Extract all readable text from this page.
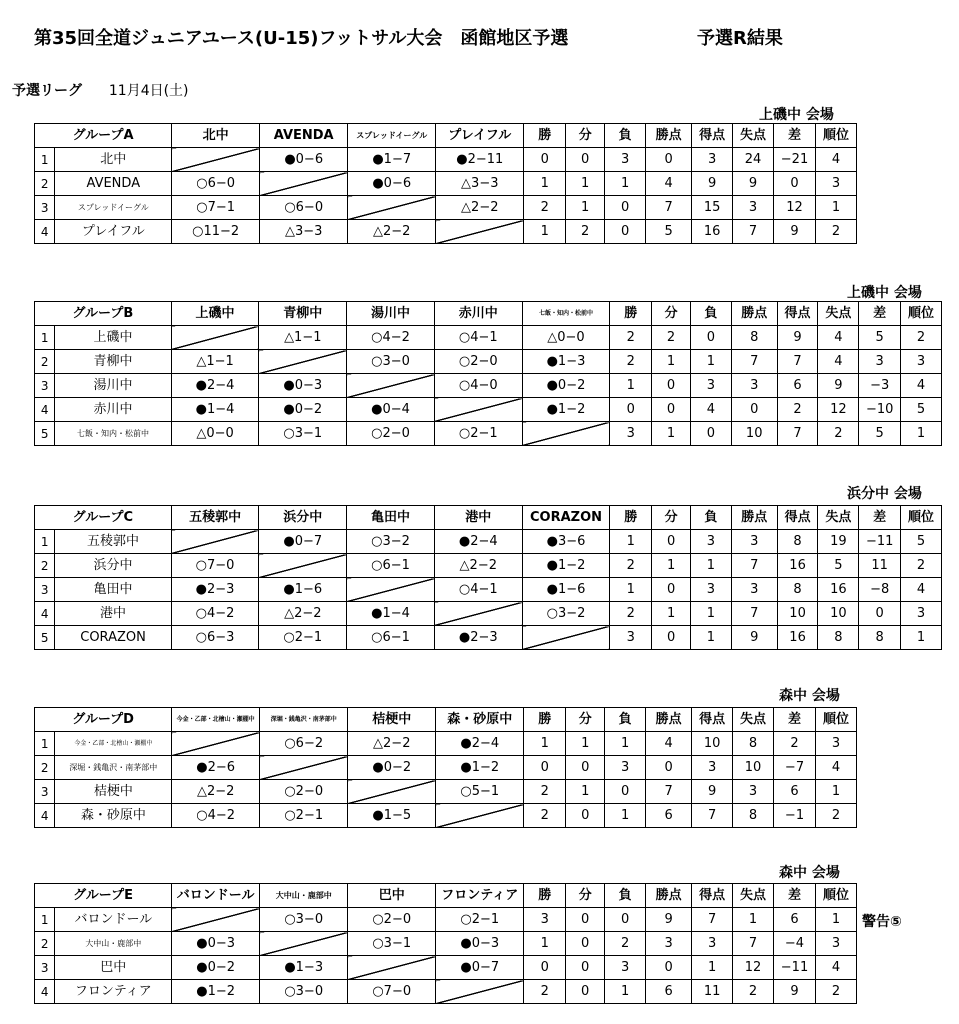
第35回全道ジュニアユース(U-15)フットサル大会　函館地区予選	予選R結果
予選リーグ 11月4日(土)
上磯中 会場
グループA		北中	AVENDA	スプレッドイーグル	プレイフル	勝	分	負	勝点	得点	失点	差	順位
1	北中		●0−6	●1−7	●2−11	0	0	3	0	3	24	−21	4
2	AVENDA	○6−0		●0−6	△3−3	1	1	1	4	9	9	0	3
3	スプレッドイーグル	○7−1	○6−0		△2−2	2	1	0	7	15	3	12	1
4	プレイフル	○11−2	△3−3	△2−2		1	2	0	5	16	7	9	2
上磯中 会場
グループB		上磯中	青柳中	湯川中	赤川中	七飯・知内・松前中	勝	分	負	勝点	得点	失点	差	順位
1	上磯中		△1−1	○4−2	○4−1	△0−0	2	2	0	8	9	4	5	2
2	青柳中	△1−1		○3−0	○2−0	●1−3	2	1	1	7	7	4	3	3
3	湯川中	●2−4	●0−3		○4−0	●0−2	1	0	3	3	6	9	−3	4
4	赤川中	●1−4	●0−2	●0−4		●1−2	0	0	4	0	2	12	−10	5
5	七飯・知内・松前中	△0−0	○3−1	○2−0	○2−1		3	1	0	10	7	2	5	1
浜分中 会場
グループC		五稜郭中	浜分中	亀田中	港中	CORAZON	勝	分	負	勝点	得点	失点	差	順位
1	五稜郭中		●0−7	○3−2	●2−4	●3−6	1	0	3	3	8	19	−11	5
2	浜分中	○7−0		○6−1	△2−2	●1−2	2	1	1	7	16	5	11	2
3	亀田中	●2−3	●1−6		○4−1	●1−6	1	0	3	3	8	16	−8	4
4	港中	○4−2	△2−2	●1−4		○3−2	2	1	1	7	10	10	0	3
5	CORAZON	○6−3	○2−1	○6−1	●2−3		3	0	1	9	16	8	8	1
森中 会場
グループD		今金・乙部・北檜山・瀬棚中	深堀・銭亀沢・南茅部中	桔梗中	森・砂原中	勝	分	負	勝点	得点	失点	差	順位
1	今金・乙部・北檜山・瀬棚中		○6−2	△2−2	●2−4	1	1	1	4	10	8	2	3
2	深堀・銭亀沢・南茅部中	●2−6		●0−2	●1−2	0	0	3	0	3	10	−7	4
3	桔梗中	△2−2	○2−0		○5−1	2	1	0	7	9	3	6	1
4	森・砂原中	○4−2	○2−1	●1−5		2	0	1	6	7	8	−1	2
森中 会場
グループE		バロンドール	大中山・鹿部中	巴中	フロンティア	勝	分	負	勝点	得点	失点	差	順位
1	バロンドール		○3−0	○2−0	○2−1	3	0	0	9	7	1	6	1
2	大中山・鹿部中	●0−3		○3−1	●0−3	1	0	2	3	3	7	−4	3
3	巴中	●0−2	●1−3		●0−7	0	0	3	0	1	12	−11	4
4	フロンティア	●1−2	○3−0	○7−0		2	0	1	6	11	2	9	2
警告⑤
